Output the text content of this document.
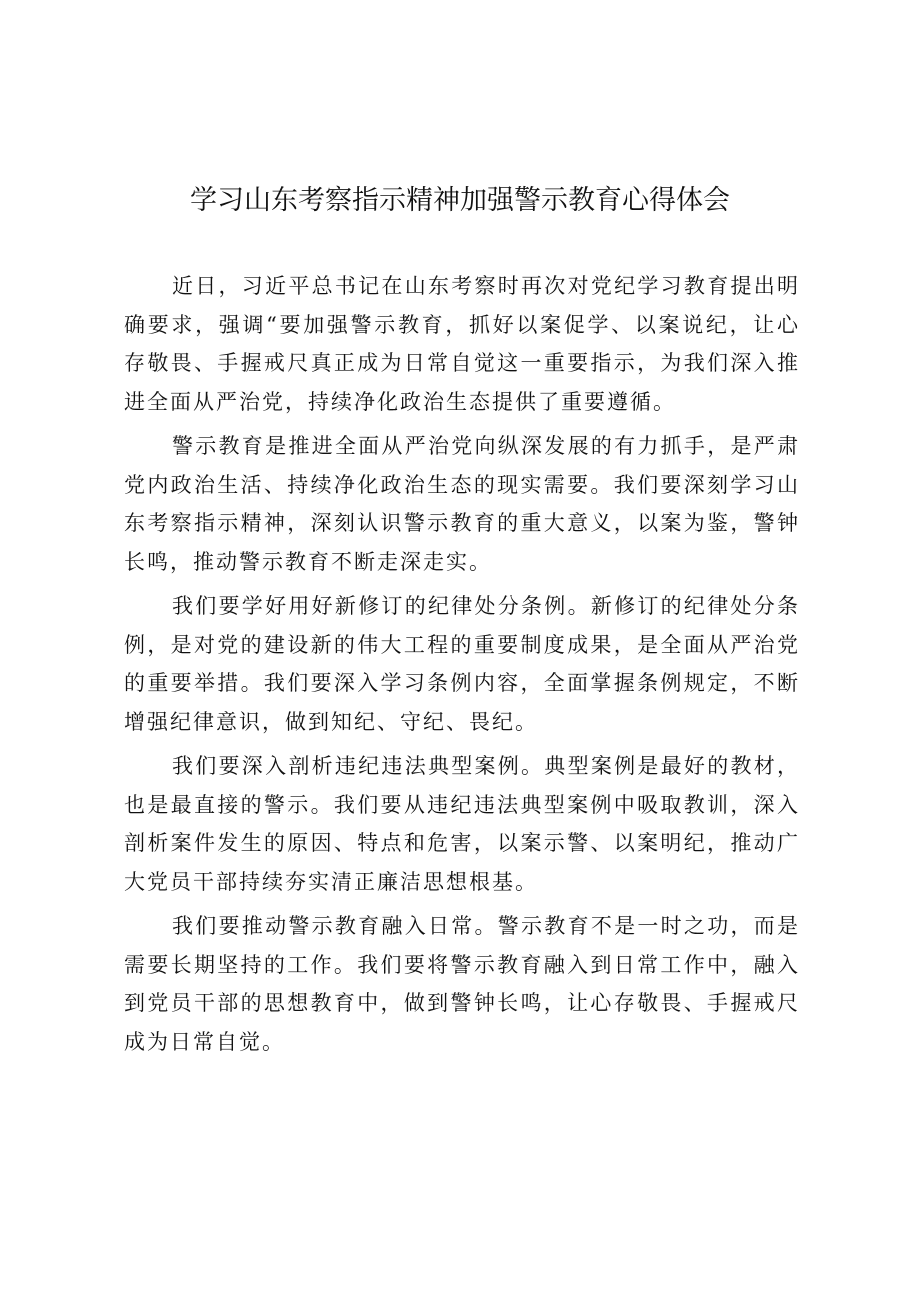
学习山东考察指示精神加强警示教育心得体会

近日，习近平总书记在山东考察时再次对党纪学习教育提出明确要求，强调“要加强警示教育，抓好以案促学、以案说纪，让心存敬畏、手握戒尺真正成为日常自觉这一重要指示，为我们深入推进全面从严治党，持续净化政治生态提供了重要遵循。

警示教育是推进全面从严治党向纵深发展的有力抓手，是严肃党内政治生活、持续净化政治生态的现实需要。我们要深刻学习山东考察指示精神，深刻认识警示教育的重大意义，以案为鉴，警钟长鸣，推动警示教育不断走深走实。

我们要学好用好新修订的纪律处分条例。新修订的纪律处分条例，是对党的建设新的伟大工程的重要制度成果，是全面从严治党的重要举措。我们要深入学习条例内容，全面掌握条例规定，不断增强纪律意识，做到知纪、守纪、畏纪。

我们要深入剖析违纪违法典型案例。典型案例是最好的教材，也是最直接的警示。我们要从违纪违法典型案例中吸取教训，深入剖析案件发生的原因、特点和危害，以案示警、以案明纪，推动广大党员干部持续夯实清正廉洁思想根基。

我们要推动警示教育融入日常。警示教育不是一时之功，而是需要长期坚持的工作。我们要将警示教育融入到日常工作中，融入到党员干部的思想教育中，做到警钟长鸣，让心存敬畏、手握戒尺成为日常自觉。
